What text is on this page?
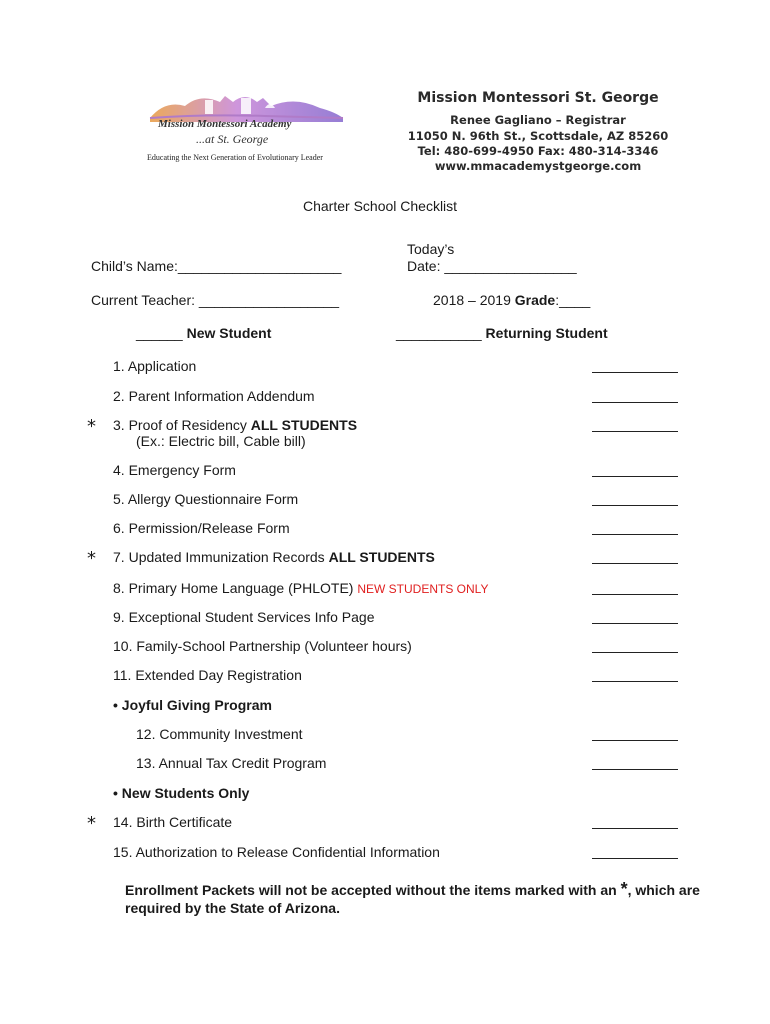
Mission Montessori Academy
...at St. George
Educating the Next Generation of Evolutionary Leader
Mission Montessori St. George
Renee Gagliano – Registrar
11050 N. 96th St., Scottsdale, AZ 85260
Tel: 480-699-4950 Fax: 480-314-3346
www.mmacademystgeorge.com
Charter School Checklist
Child’s Name:_____________________
Today’s
Date: _________________
Current Teacher: __________________	2018 – 2019 Grade:____
______ New Student	___________ Returning Student
1. Application
2. Parent Information Addendum
* 3. Proof of Residency ALL STUDENTS
(Ex.: Electric bill, Cable bill)
4. Emergency Form
5. Allergy Questionnaire Form
6. Permission/Release Form
* 7. Updated Immunization Records ALL STUDENTS
8. Primary Home Language (PHLOTE) NEW STUDENTS ONLY
9. Exceptional Student Services Info Page
10. Family-School Partnership (Volunteer hours)
11. Extended Day Registration
• Joyful Giving Program
12. Community Investment
13. Annual Tax Credit Program
• New Students Only
* 14. Birth Certificate
15. Authorization to Release Confidential Information
Enrollment Packets will not be accepted without the items marked with an *, which are
required by the State of Arizona.
